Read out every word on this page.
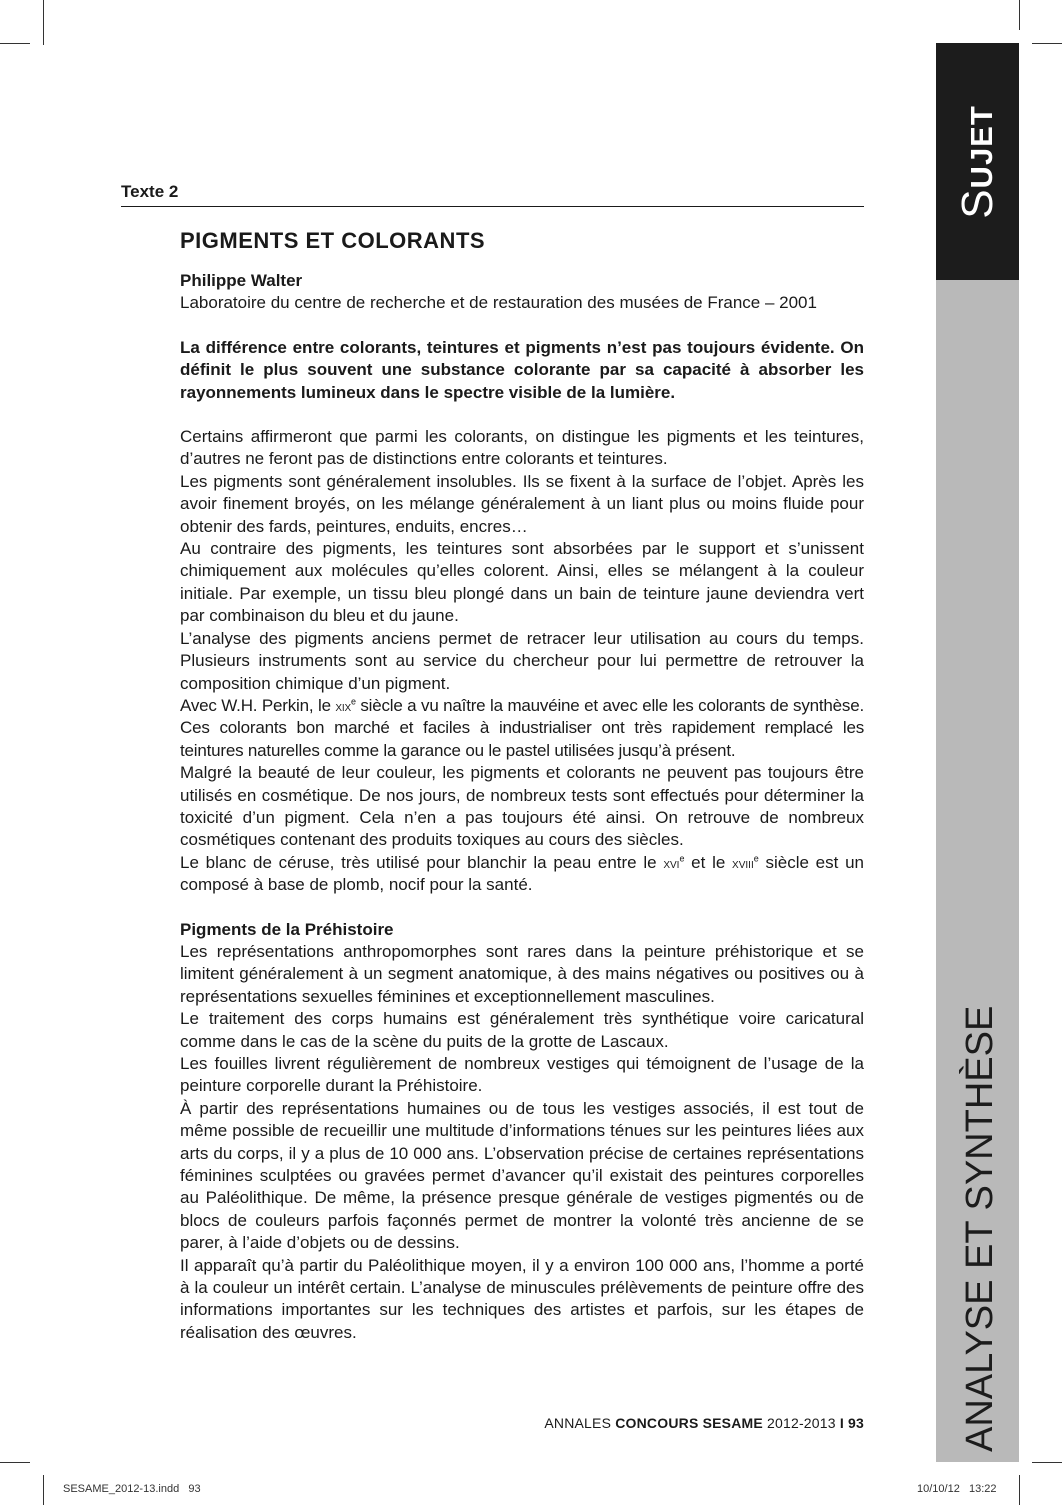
Sujet
Texte 2
PIGMENTS ET COLORANTS

Philippe Walter

Laboratoire du centre de recherche et de restauration des musées de France – 2001

La différence entre colorants, teintures et pigments n’est pas toujours évidente. On définit le plus souvent une substance colorante par sa capacité à absorber les rayonnements lumineux dans le spectre visible de la lumière.

Certains affirmeront que parmi les colorants, on distingue les pigments et les teintures, d’autres ne feront pas de distinctions entre colorants et teintures.

Les pigments sont généralement insolubles. Ils se fixent à la surface de l’objet. Après les avoir finement broyés, on les mélange généralement à un liant plus ou moins fluide pour obtenir des fards, peintures, enduits, encres…

Au contraire des pigments, les teintures sont absorbées par le support et s’unissent chimiquement aux molécules qu’elles colorent. Ainsi, elles se mélangent à la couleur initiale. Par exemple, un tissu bleu plongé dans un bain de teinture jaune deviendra vert par combinaison du bleu et du jaune.

L’analyse des pigments anciens permet de retracer leur utilisation au cours du temps. Plusieurs instruments sont au service du chercheur pour lui permettre de retrouver la composition chimique d’un pigment.

Avec W.H. Perkin, le xix$^e$ siècle a vu naître la mauvéine et avec elle les colorants de synthèse. Ces colorants bon marché et faciles à industrialiser ont très rapidement remplacé les teintures naturelles comme la garance ou le pastel utilisées jusqu’à présent.

Malgré la beauté de leur couleur, les pigments et colorants ne peuvent pas toujours être utilisés en cosmétique. De nos jours, de nombreux tests sont effectués pour déterminer la toxicité d’un pigment. Cela n’en a pas toujours été ainsi. On retrouve de nombreux cosmétiques contenant des produits toxiques au cours des siècles.

Le blanc de céruse, très utilisé pour blanchir la peau entre le xvi$^e$ et le xviii$^e$ siècle est un composé à base de plomb, nocif pour la santé.

Pigments de la Préhistoire

Les représentations anthropomorphes sont rares dans la peinture préhistorique et se limitent généralement à un segment anatomique, à des mains négatives ou positives ou à représentations sexuelles féminines et exceptionnellement masculines.

Le traitement des corps humains est généralement très synthétique voire caricatural comme dans le cas de la scène du puits de la grotte de Lascaux.

Les fouilles livrent régulièrement de nombreux vestiges qui témoignent de l’usage de la peinture corporelle durant la Préhistoire.

À partir des représentations humaines ou de tous les vestiges associés, il est tout de même possible de recueillir une multitude d’informations ténues sur les peintures liées aux arts du corps, il y a plus de 10 000 ans. L’observation précise de certaines représentations féminines sculptées ou gravées permet d’avancer qu’il existait des peintures corporelles au Paléolithique. De même, la présence presque générale de vestiges pigmentés ou de blocs de couleurs parfois façonnés permet de montrer la volonté très ancienne de se parer, à l’aide d’objets ou de dessins.

Il apparaît qu’à partir du Paléolithique moyen, il y a environ 100 000 ans, l’homme a porté à la couleur un intérêt certain. L’analyse de minuscules prélèvements de peinture offre des informations importantes sur les techniques des artistes et parfois, sur les étapes de réalisation des œuvres.

ANNALES CONCOURS SESAME 2012-2013 I 93
SESAME_2012-13.indd   93	10/10/12   13:22
